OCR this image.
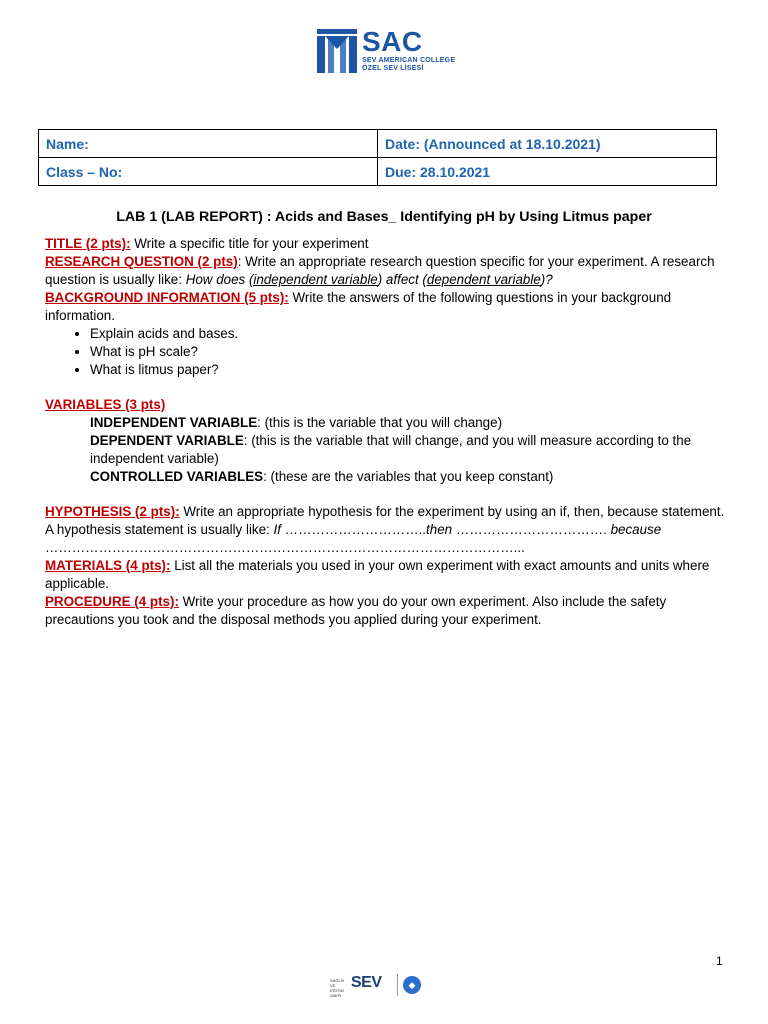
SAC
SEV AMERICAN COLLEGE
ÖZEL SEV LİSESİ
Name:	Date: (Announced at 18.10.2021)
Class – No:	Due: 28.10.2021
LAB 1 (LAB REPORT) : Acids and Bases_ Identifying pH by Using Litmus paper

TITLE (2 pts): Write a specific title for your experiment

RESEARCH QUESTION (2 pts): Write an appropriate research question specific for your experiment. A research question is usually like: How does (independent variable) affect (dependent variable)?

BACKGROUND INFORMATION (5 pts): Write the answers of the following questions in your background information.

• Explain acids and bases.
• What is pH scale?
• What is litmus paper?

VARIABLES (3 pts)

INDEPENDENT VARIABLE: (this is the variable that you will change)

DEPENDENT VARIABLE: (this is the variable that will change, and you will measure according to the independent variable)

CONTROLLED VARIABLES: (these are the variables that you keep constant)

HYPOTHESIS (2 pts): Write an appropriate hypothesis for the experiment by using an if, then, because statement. A hypothesis statement is usually like: If …………………………..then ……………………………. because ……………………………………………………………………………………………...

MATERIALS (4 pts): List all the materials you used in your own experiment with exact amounts and units where applicable.

PROCEDURE (4 pts): Write your procedure as how you do your own experiment. Also include the safety precautions you took and the disposal methods you applied during your experiment.

1
SAĞLIK VE EĞİTİM VAKFI
SEV	◆
